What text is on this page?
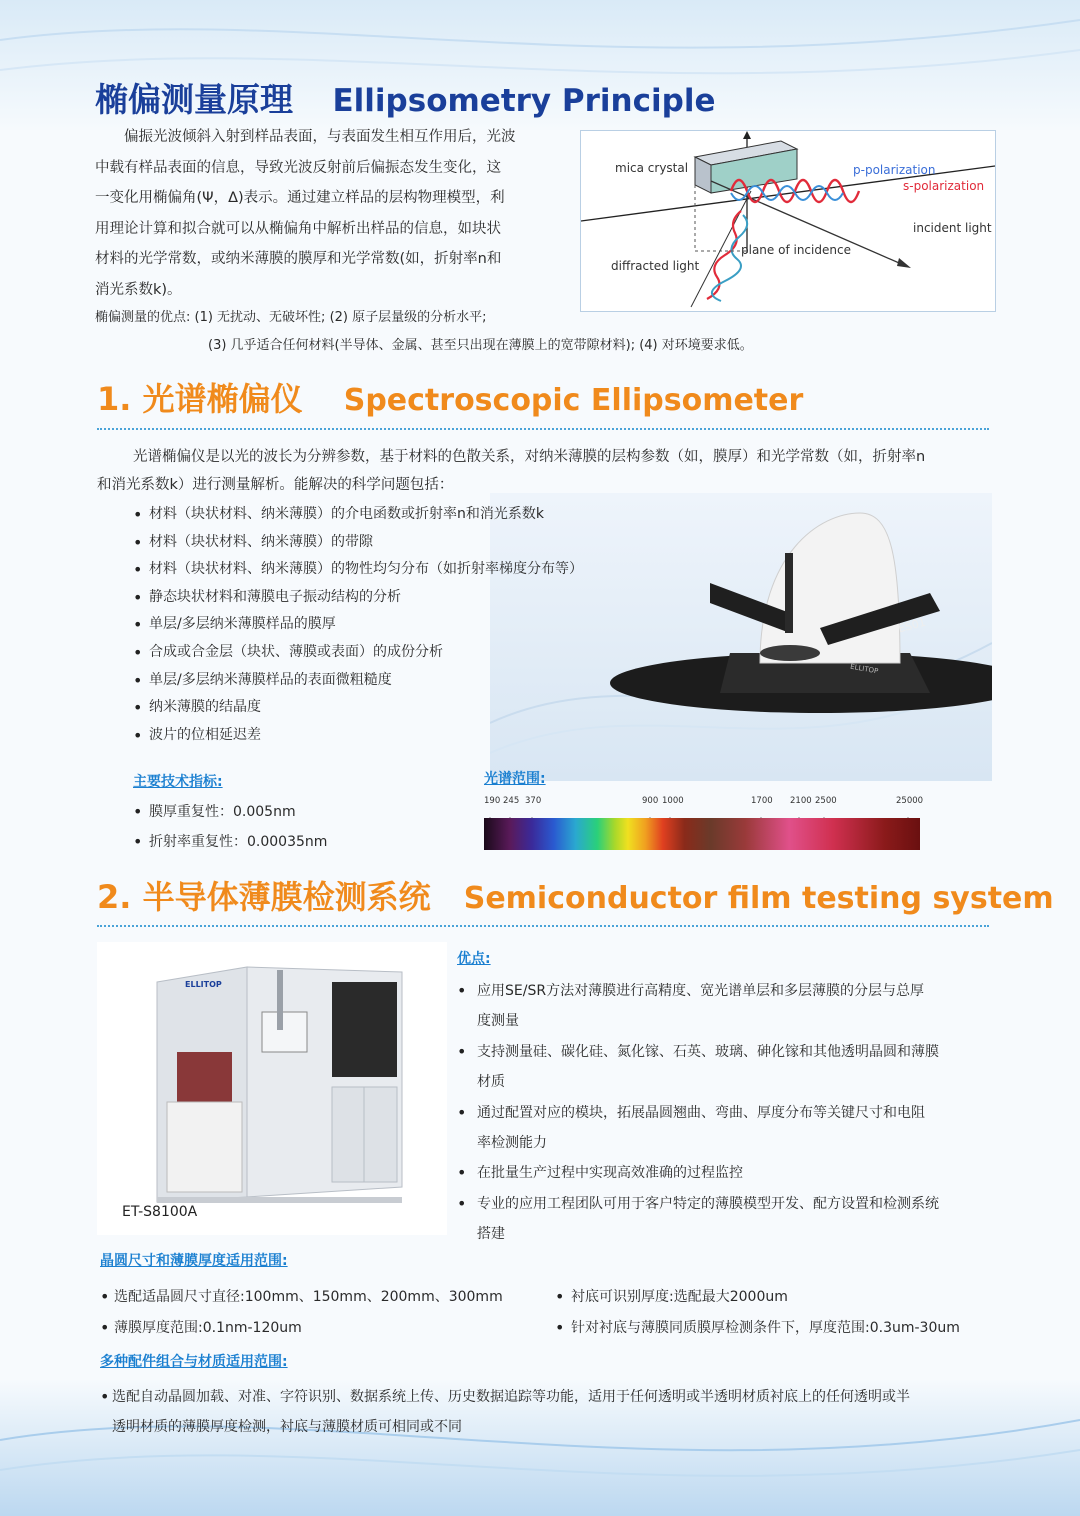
椭偏测量原理 Ellipsometry Principle
偏振光波倾斜入射到样品表面，与表面发生相互作用后，光波
中载有样品表面的信息，导致光波反射前后偏振态发生变化，这
一变化用椭偏角(Ψ，Δ)表示。通过建立样品的层构物理模型，利
用理论计算和拟合就可以从椭偏角中解析出样品的信息，如块状
材料的光学常数，或纳米薄膜的膜厚和光学常数(如，折射率n和
消光系数k)。
椭偏测量的优点: (1) 无扰动、无破坏性; (2) 原子层量级的分析水平;
(3) 几乎适合任何材料(半导体、金属、甚至只出现在薄膜上的宽带隙材料); (4) 对环境要求低。
mica crystal	p-polarization
s-polarization
incident light
plane of incidence
diffracted light
1. 光谱椭偏仪 Spectroscopic Ellipsometer
光谱椭偏仪是以光的波长为分辨参数，基于材料的色散关系，对纳米薄膜的层构参数（如，膜厚）和光学常数（如，折射率n
和消光系数k）进行测量解析。能解决的科学问题包括：
ES01
ELLITOP
• 材料（块状材料、纳米薄膜）的介电函数或折射率n和消光系数k
• 材料（块状材料、纳米薄膜）的带隙
• 材料（块状材料、纳米薄膜）的物性均匀分布（如折射率梯度分布等）
• 静态块状材料和薄膜电子振动结构的分析
• 单层/多层纳米薄膜样品的膜厚
• 合成或合金层（块状、薄膜或表面）的成份分析
• 单层/多层纳米薄膜样品的表面微粗糙度
• 纳米薄膜的结晶度
• 波片的位相延迟差
主要技术指标:
• 膜厚重复性：0.005nm
• 折射率重复性：0.00035nm
光谱范围:
190 245 370	900 1000	1700 2100 2500	25000
2. 半导体薄膜检测系统 Semiconductor film testing system
ELLITOP
ET-S8100A
优点:
• 应用SE/SR方法对薄膜进行高精度、宽光谱单层和多层薄膜的分层与总厚
度测量
• 支持测量硅、碳化硅、氮化镓、石英、玻璃、砷化镓和其他透明晶圆和薄膜
材质
• 通过配置对应的模块，拓展晶圆翘曲、弯曲、厚度分布等关键尺寸和电阻
率检测能力
• 在批量生产过程中实现高效准确的过程监控
• 专业的应用工程团队可用于客户特定的薄膜模型开发、配方设置和检测系统
搭建
晶圆尺寸和薄膜厚度适用范围:
• 选配适晶圆尺寸直径:100mm、150mm、200mm、300mm
• 薄膜厚度范围:0.1nm-120um
• 衬底可识别厚度:选配最大2000um
• 针对衬底与薄膜同质膜厚检测条件下，厚度范围:0.3um-30um
多种配件组合与材质适用范围:
• 选配自动晶圆加载、对准、字符识别、数据系统上传、历史数据追踪等功能，适用于任何透明或半透明材质衬底上的任何透明或半
透明材质的薄膜厚度检测，衬底与薄膜材质可相同或不同
